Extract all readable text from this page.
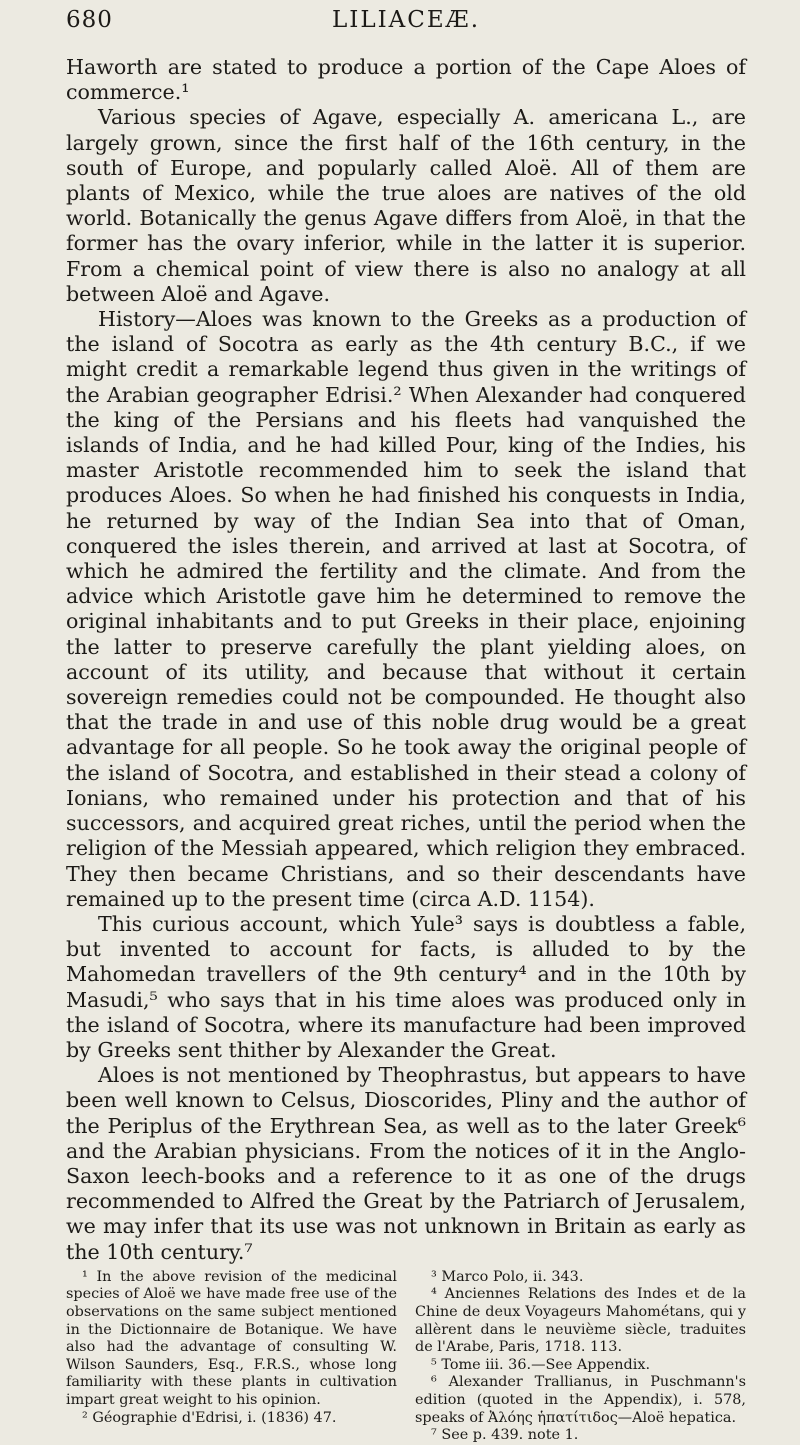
680	LILIACEÆ.

Haworth are stated to produce a portion of the Cape Aloes of commerce.¹

Various species of Agave, especially A. americana L., are largely grown, since the first half of the 16th century, in the south of Europe, and popularly called Aloë. All of them are plants of Mexico, while the true aloes are natives of the old world. Botanically the genus Agave differs from Aloë, in that the former has the ovary inferior, while in the latter it is superior. From a chemical point of view there is also no analogy at all between Aloë and Agave.

History—Aloes was known to the Greeks as a production of the island of Socotra as early as the 4th century B.C., if we might credit a remarkable legend thus given in the writings of the Arabian geographer Edrisi.² When Alexander had conquered the king of the Persians and his fleets had vanquished the islands of India, and he had killed Pour, king of the Indies, his master Aristotle recommended him to seek the island that produces Aloes. So when he had finished his conquests in India, he returned by way of the Indian Sea into that of Oman, conquered the isles therein, and arrived at last at Socotra, of which he admired the fertility and the climate. And from the advice which Aristotle gave him he determined to remove the original inhabitants and to put Greeks in their place, enjoining the latter to preserve carefully the plant yielding aloes, on account of its utility, and because that without it certain sovereign remedies could not be compounded. He thought also that the trade in and use of this noble drug would be a great advantage for all people. So he took away the original people of the island of Socotra, and established in their stead a colony of Ionians, who remained under his protection and that of his successors, and acquired great riches, until the period when the religion of the Messiah appeared, which religion they embraced. They then became Christians, and so their descendants have remained up to the present time (circa A.D. 1154).

This curious account, which Yule³ says is doubtless a fable, but invented to account for facts, is alluded to by the Mahomedan travellers of the 9th century⁴ and in the 10th by Masudi,⁵ who says that in his time aloes was produced only in the island of Socotra, where its manufacture had been improved by Greeks sent thither by Alexander the Great.

Aloes is not mentioned by Theophrastus, but appears to have been well known to Celsus, Dioscorides, Pliny and the author of the Periplus of the Erythrean Sea, as well as to the later Greek⁶ and the Arabian physicians. From the notices of it in the Anglo-Saxon leech-books and a reference to it as one of the drugs recommended to Alfred the Great by the Patriarch of Jerusalem, we may infer that its use was not unknown in Britain as early as the 10th century.⁷

¹ In the above revision of the medicinal species of Aloë we have made free use of the observations on the same subject mentioned in the Dictionnaire de Botanique. We have also had the advantage of consulting W. Wilson Saunders, Esq., F.R.S., whose long familiarity with these plants in cultivation impart great weight to his opinion.

² Géographie d'Edrisi, i. (1836) 47.

³ Marco Polo, ii. 343.

⁴ Anciennes Relations des Indes et de la Chine de deux Voyageurs Mahométans, qui y allèrent dans le neuvième siècle, traduites de l'Arabe, Paris, 1718. 113.

⁵ Tome iii. 36.—See Appendix.

⁶ Alexander Trallianus, in Puschmann's edition (quoted in the Appendix), i. 578, speaks of Ἀλόης ἡπατίτιδος—Aloë hepatica.

⁷ See p. 439. note 1.
